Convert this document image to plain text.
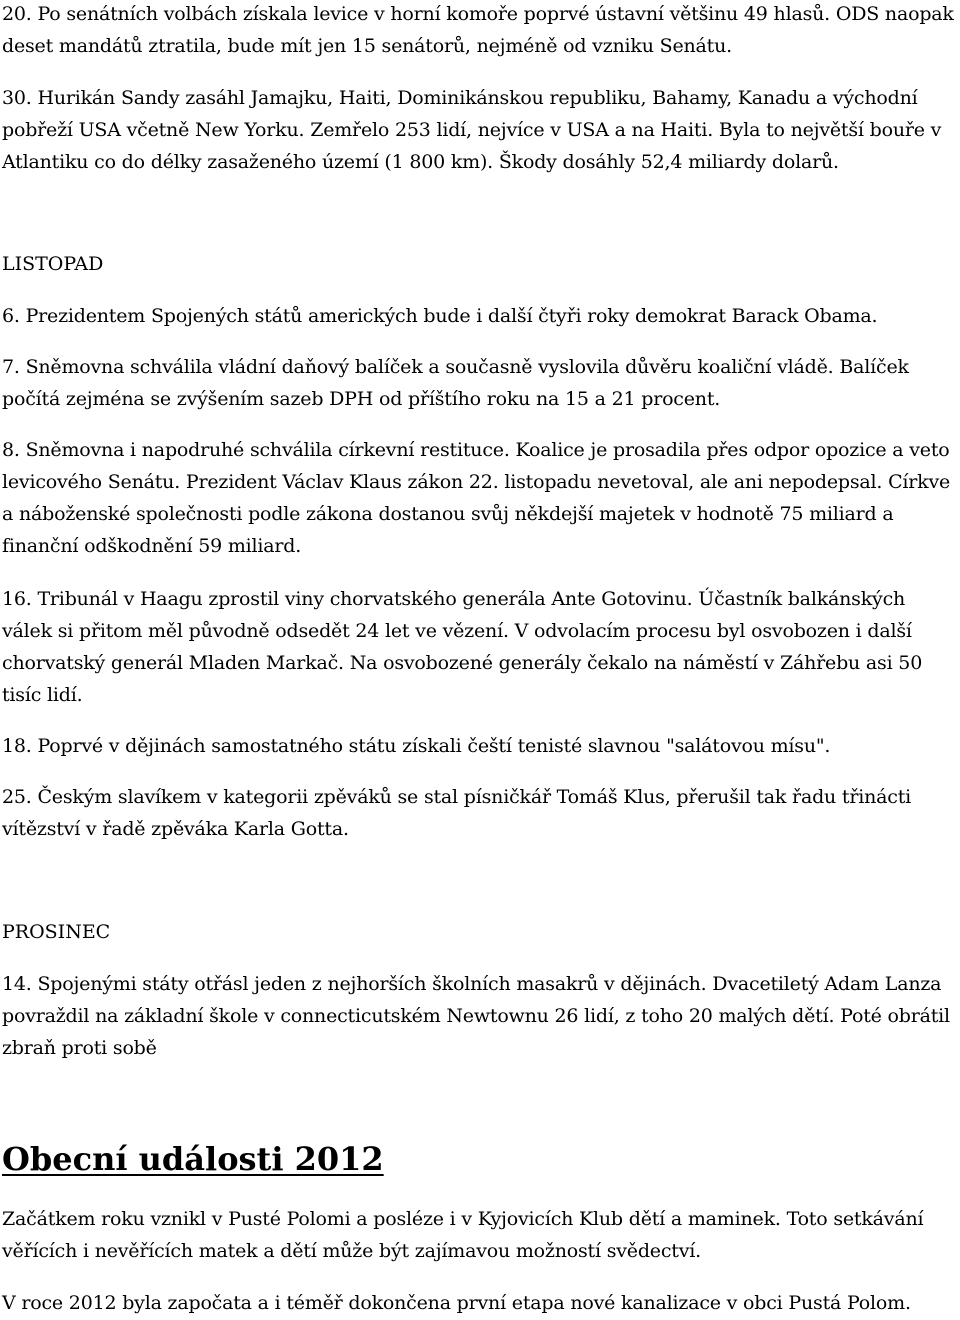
20. Po senátních volbách získala levice v horní komoře poprvé ústavní většinu 49 hlasů. ODS naopak deset mandátů ztratila, bude mít jen 15 senátorů, nejméně od vzniku Senátu.

30. Hurikán Sandy zasáhl Jamajku, Haiti, Dominikánskou republiku, Bahamy, Kanadu a východní pobřeží USA včetně New Yorku. Zemřelo 253 lidí, nejvíce v USA a na Haiti. Byla to největší bouře v Atlantiku co do délky zasaženého území (1 800 km). Škody dosáhly 52,4 miliardy dolarů.

LISTOPAD

6. Prezidentem Spojených států amerických bude i další čtyři roky demokrat Barack Obama.

7. Sněmovna schválila vládní daňový balíček a současně vyslovila důvěru koaliční vládě. Balíček počítá zejména se zvýšením sazeb DPH od příštího roku na 15 a 21 procent.

8. Sněmovna i napodruhé schválila církevní restituce. Koalice je prosadila přes odpor opozice a veto levicového Senátu. Prezident Václav Klaus zákon 22. listopadu nevetoval, ale ani nepodepsal. Církve a náboženské společnosti podle zákona dostanou svůj někdejší majetek v hodnotě 75 miliard a finanční odškodnění 59 miliard.

16. Tribunál v Haagu zprostil viny chorvatského generála Ante Gotovinu. Účastník balkánských válek si přitom měl původně odsedět 24 let ve vězení. V odvolacím procesu byl osvobozen i další chorvatský generál Mladen Markač. Na osvobozené generály čekalo na náměstí v Záhřebu asi 50 tisíc lidí.

18. Poprvé v dějinách samostatného státu získali čeští tenisté slavnou "salátovou mísu".

25. Českým slavíkem v kategorii zpěváků se stal písničkář Tomáš Klus, přerušil tak řadu třinácti vítězství v řadě zpěváka Karla Gotta.

PROSINEC

14. Spojenými státy otřásl jeden z nejhorších školních masakrů v dějinách. Dvacetiletý Adam Lanza povraždil na základní škole v connecticutském Newtownu 26 lidí, z toho 20 malých dětí. Poté obrátil zbraň proti sobě

Obecní události 2012

Začátkem roku vznikl v Pusté Polomi a posléze i v Kyjovicích Klub dětí a maminek. Toto setkávání věřících i nevěřících matek a dětí může být zajímavou možností svědectví.

V roce 2012 byla započata a i téměř dokončena první etapa nové kanalizace v obci Pustá Polom.
